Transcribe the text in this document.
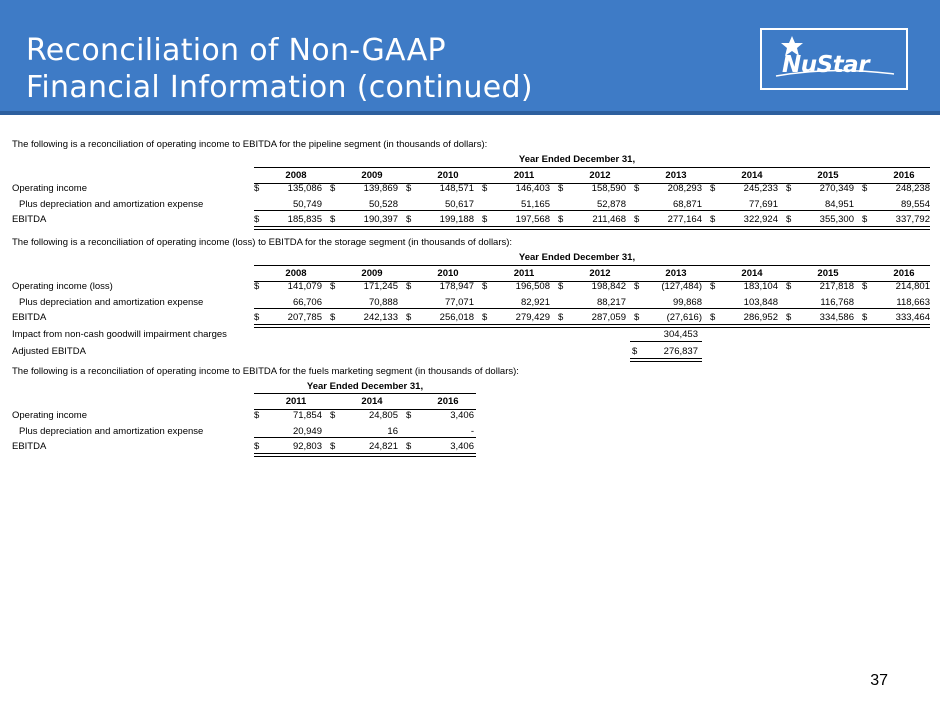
Reconciliation of Non-GAAP
Financial Information (continued)
NuStar
The following is a reconciliation of operating income to EBITDA for the pipeline segment (in thousands of dollars):
Year Ended December 31,
2008	2009	2010	2011	2012	2013	2014	2015	2016
Operating income	$	135,086 $	139,869 $	148,571 $	146,403 $	158,590 $	208,293 $	245,233 $	270,349 $	248,238
Plus depreciation and amortization expense	50,749	50,528	50,617	51,165	52,878	68,871	77,691	84,951	89,554
EBITDA	$	185,835 $	190,397 $	199,188 $	197,568 $	211,468 $	277,164 $	322,924 $	355,300 $	337,792
The following is a reconciliation of operating income (loss) to EBITDA for the storage segment (in thousands of dollars):
Year Ended December 31,
2008	2009	2010	2011	2012	2013	2014	2015	2016
Operating income (loss)	$	141,079 $	171,245 $	178,947 $	196,508 $	198,842 $	(127,484) $	183,104 $	217,818 $	214,801
Plus depreciation and amortization expense	66,706	70,888	77,071	82,921	88,217	99,868	103,848	116,768	118,663
EBITDA	$	207,785 $	242,133 $	256,018 $	279,429 $	287,059 $	(27,616) $	286,952 $	334,586 $	333,464
Impact from non-cash goodwill impairment charges	304,453
Adjusted EBITDA	$	276,837
The following is a reconciliation of operating income to EBITDA for the fuels marketing segment (in thousands of dollars):
Year Ended December 31,
2011	2014	2016
Operating income	$	71,854 $	24,805 $	3,406
Plus depreciation and amortization expense	20,949	16	-
EBITDA	$	92,803 $	24,821 $	3,406
37
